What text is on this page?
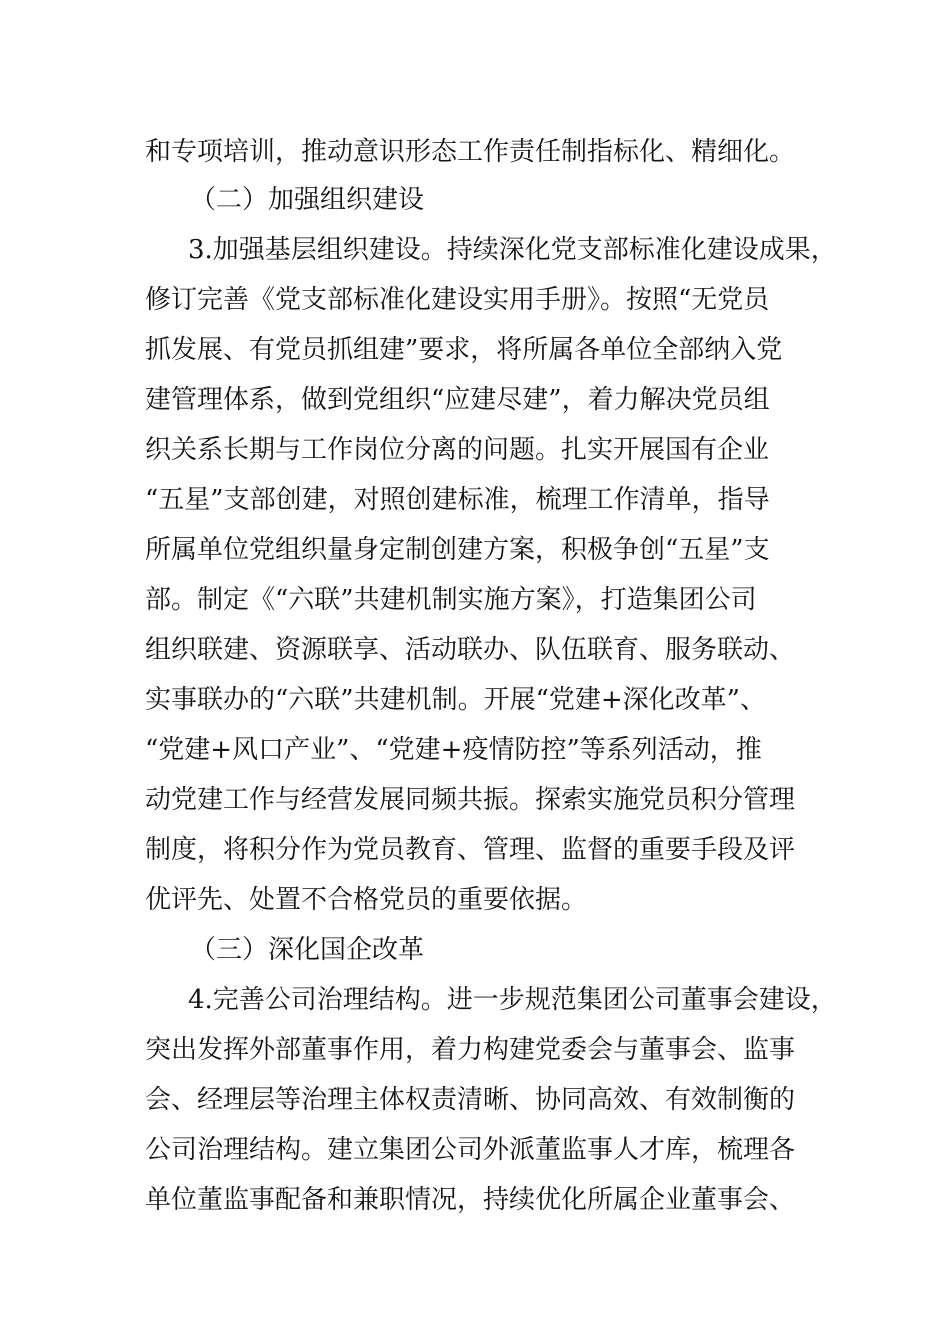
和专项培训，推动意识形态工作责任制指标化、精细化。
（二）加强组织建设
3.加强基层组织建设。持续深化党支部标准化建设成果，
修订完善《党支部标准化建设实用手册》。按照“无党员
抓发展、有党员抓组建”要求，将所属各单位全部纳入党
建管理体系，做到党组织“应建尽建”，着力解决党员组
织关系长期与工作岗位分离的问题。扎实开展国有企业
“五星”支部创建，对照创建标准，梳理工作清单，指导
所属单位党组织量身定制创建方案，积极争创“五星”支
部。制定《“六联”共建机制实施方案》，打造集团公司
组织联建、资源联享、活动联办、队伍联育、服务联动、
实事联办的“六联”共建机制。开展“党建+深化改革”、
“党建+风口产业”、“党建+疫情防控”等系列活动，推
动党建工作与经营发展同频共振。探索实施党员积分管理
制度，将积分作为党员教育、管理、监督的重要手段及评
优评先、处置不合格党员的重要依据。
（三）深化国企改革
4.完善公司治理结构。进一步规范集团公司董事会建设，
突出发挥外部董事作用，着力构建党委会与董事会、监事
会、经理层等治理主体权责清晰、协同高效、有效制衡的
公司治理结构。建立集团公司外派董监事人才库，梳理各
单位董监事配备和兼职情况，持续优化所属企业董事会、
